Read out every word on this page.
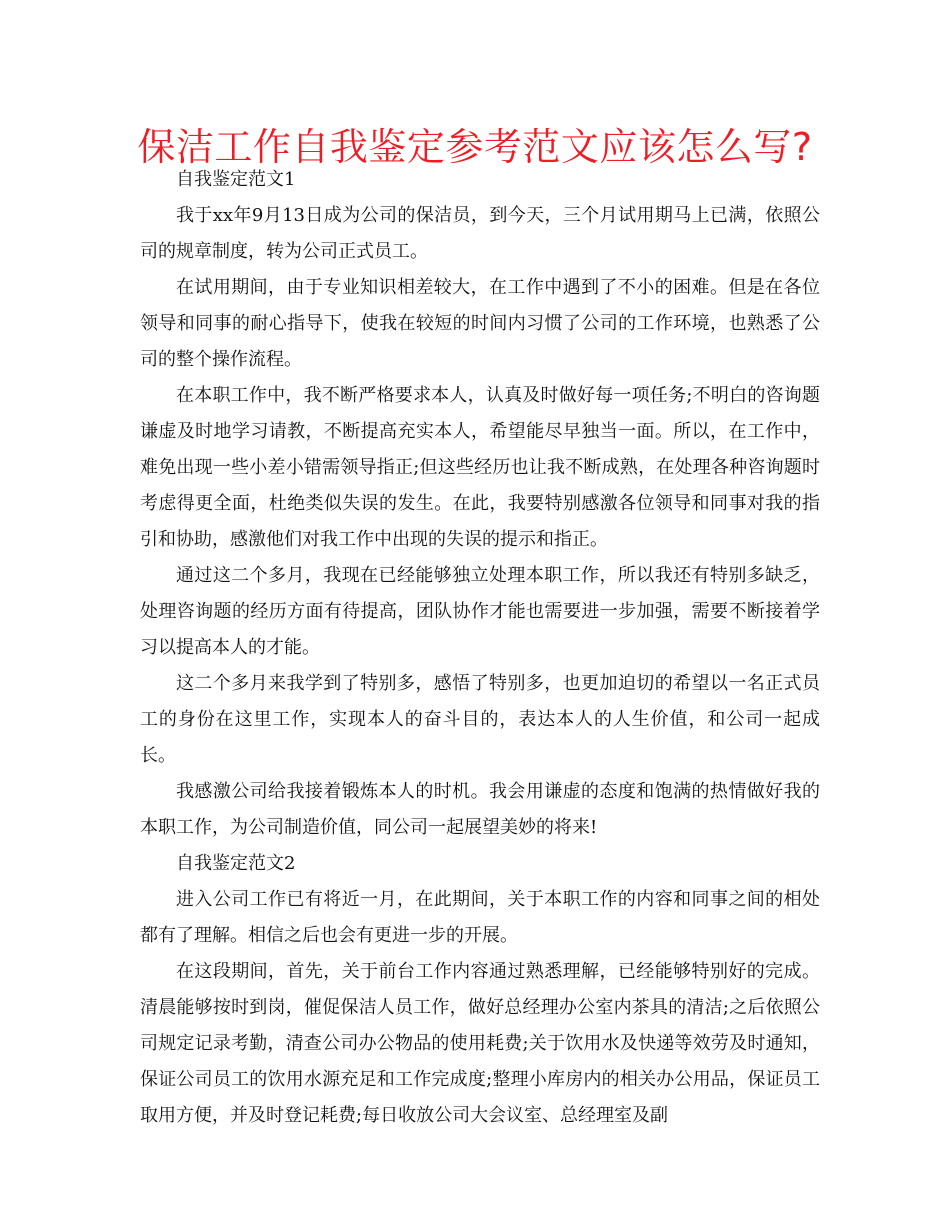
保洁工作自我鉴定参考范文应该怎么写?

自我鉴定范文1

我于xx年9月13日成为公司的保洁员，到今天，三个月试用期马上已满，依照公司的规章制度，转为公司正式员工。

在试用期间，由于专业知识相差较大，在工作中遇到了不小的困难。但是在各位领导和同事的耐心指导下，使我在较短的时间内习惯了公司的工作环境，也熟悉了公司的整个操作流程。

在本职工作中，我不断严格要求本人，认真及时做好每一项任务;不明白的咨询题谦虚及时地学习请教，不断提高充实本人，希望能尽早独当一面。所以，在工作中，难免出现一些小差小错需领导指正;但这些经历也让我不断成熟，在处理各种咨询题时考虑得更全面，杜绝类似失误的发生。在此，我要特别感激各位领导和同事对我的指引和协助，感激他们对我工作中出现的失误的提示和指正。

通过这二个多月，我现在已经能够独立处理本职工作，所以我还有特别多缺乏，处理咨询题的经历方面有待提高，团队协作才能也需要进一步加强，需要不断接着学习以提高本人的才能。

这二个多月来我学到了特别多，感悟了特别多，也更加迫切的希望以一名正式员工的身份在这里工作，实现本人的奋斗目的，表达本人的人生价值，和公司一起成长。

我感激公司给我接着锻炼本人的时机。我会用谦虚的态度和饱满的热情做好我的本职工作，为公司制造价值，同公司一起展望美妙的将来!

自我鉴定范文2

进入公司工作已有将近一月，在此期间，关于本职工作的内容和同事之间的相处都有了理解。相信之后也会有更进一步的开展。

在这段期间，首先，关于前台工作内容通过熟悉理解，已经能够特别好的完成。清晨能够按时到岗，催促保洁人员工作，做好总经理办公室内茶具的清洁;之后依照公司规定记录考勤，清查公司办公物品的使用耗费;关于饮用水及快递等效劳及时通知，保证公司员工的饮用水源充足和工作完成度;整理小库房内的相关办公用品，保证员工取用方便，并及时登记耗费;每日收放公司大会议室、总经理室及副
